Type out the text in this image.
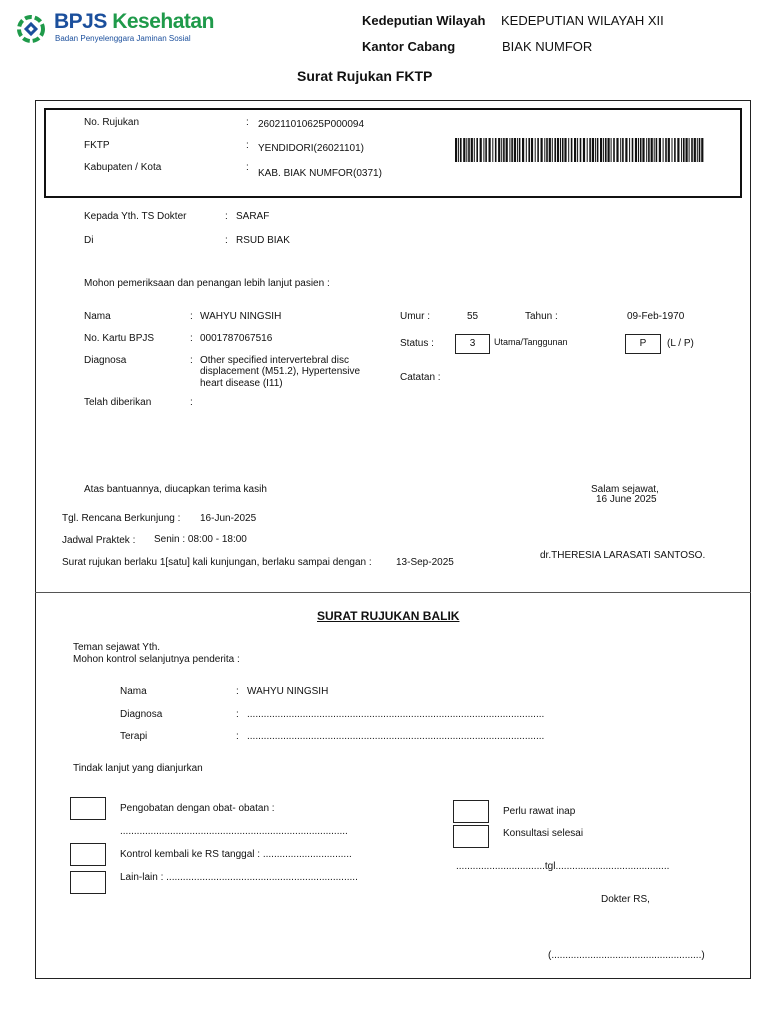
BPJS Kesehatan
Badan Penyelenggara Jaminan Sosial
Kedeputian Wilayah KEDEPUTIAN WILAYAH XII
Kantor Cabang	BIAK NUMFOR
Surat Rujukan FKTP
No. Rujukan	: 260211010625P000094
FKTP	: YENDIDORI(26021101)
Kabupaten / Kota	:
KAB. BIAK NUMFOR(0371)
Kepada Yth. TS Dokter	: SARAF
Di	: RSUD BIAK
Mohon pemeriksaan dan penangan lebih lanjut pasien :
Nama	: WAHYU NINGSIH
No. Kartu BPJS	: 0001787067516
Diagnosa	: Other specified intervertebral disc
displacement (M51.2), Hypertensive
heart disease (I11)
Telah diberikan	:
Umur :	55	Tahun :	09-Feb-1970
Status :	3	Utama/Tanggunan	P	(L / P)
Catatan :
Atas bantuannya, diucapkan terima kasih	Salam sejawat,
16 June 2025
Tgl. Rencana Berkunjung : 16-Jun-2025
Jadwal Praktek : Senin : 08:00 - 18:00
Surat rujukan berlaku 1[satu] kali kunjungan, berlaku sampai dengan : 13-Sep-2025
dr.THERESIA LARASATI SANTOSO.
SURAT RUJUKAN BALIK
Teman sejawat Yth.
Mohon kontrol selanjutnya penderita :
Nama	: WAHYU NINGSIH
Diagnosa	: ...........................................................................................................
Terapi	: ...........................................................................................................
Tindak lanjut yang dianjurkan
Pengobatan dengan obat- obatan :
..................................................................................
Kontrol kembali ke RS tanggal : ................................
Lain-lain : .....................................................................
Perlu rawat inap
Konsultasi selesai
................................tgl.........................................
Dokter RS,
(......................................................)
